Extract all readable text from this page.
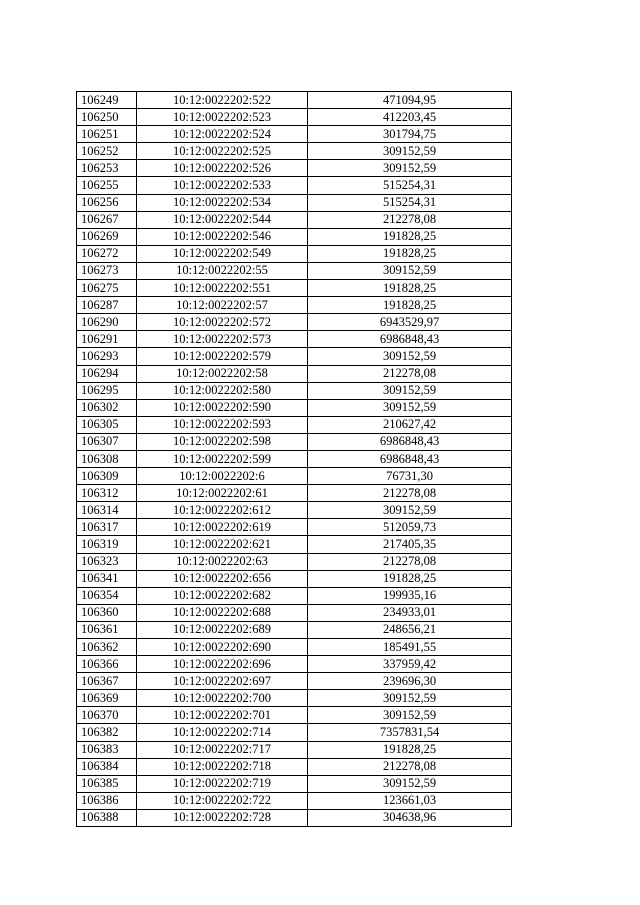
106249	10:12:0022202:522	471094,95
106250	10:12:0022202:523	412203,45
106251	10:12:0022202:524	301794,75
106252	10:12:0022202:525	309152,59
106253	10:12:0022202:526	309152,59
106255	10:12:0022202:533	515254,31
106256	10:12:0022202:534	515254,31
106267	10:12:0022202:544	212278,08
106269	10:12:0022202:546	191828,25
106272	10:12:0022202:549	191828,25
106273	10:12:0022202:55	309152,59
106275	10:12:0022202:551	191828,25
106287	10:12:0022202:57	191828,25
106290	10:12:0022202:572	6943529,97
106291	10:12:0022202:573	6986848,43
106293	10:12:0022202:579	309152,59
106294	10:12:0022202:58	212278,08
106295	10:12:0022202:580	309152,59
106302	10:12:0022202:590	309152,59
106305	10:12:0022202:593	210627,42
106307	10:12:0022202:598	6986848,43
106308	10:12:0022202:599	6986848,43
106309	10:12:0022202:6	76731,30
106312	10:12:0022202:61	212278,08
106314	10:12:0022202:612	309152,59
106317	10:12:0022202:619	512059,73
106319	10:12:0022202:621	217405,35
106323	10:12:0022202:63	212278,08
106341	10:12:0022202:656	191828,25
106354	10:12:0022202:682	199935,16
106360	10:12:0022202:688	234933,01
106361	10:12:0022202:689	248656,21
106362	10:12:0022202:690	185491,55
106366	10:12:0022202:696	337959,42
106367	10:12:0022202:697	239696,30
106369	10:12:0022202:700	309152,59
106370	10:12:0022202:701	309152,59
106382	10:12:0022202:714	7357831,54
106383	10:12:0022202:717	191828,25
106384	10:12:0022202:718	212278,08
106385	10:12:0022202:719	309152,59
106386	10:12:0022202:722	123661,03
106388	10:12:0022202:728	304638,96
